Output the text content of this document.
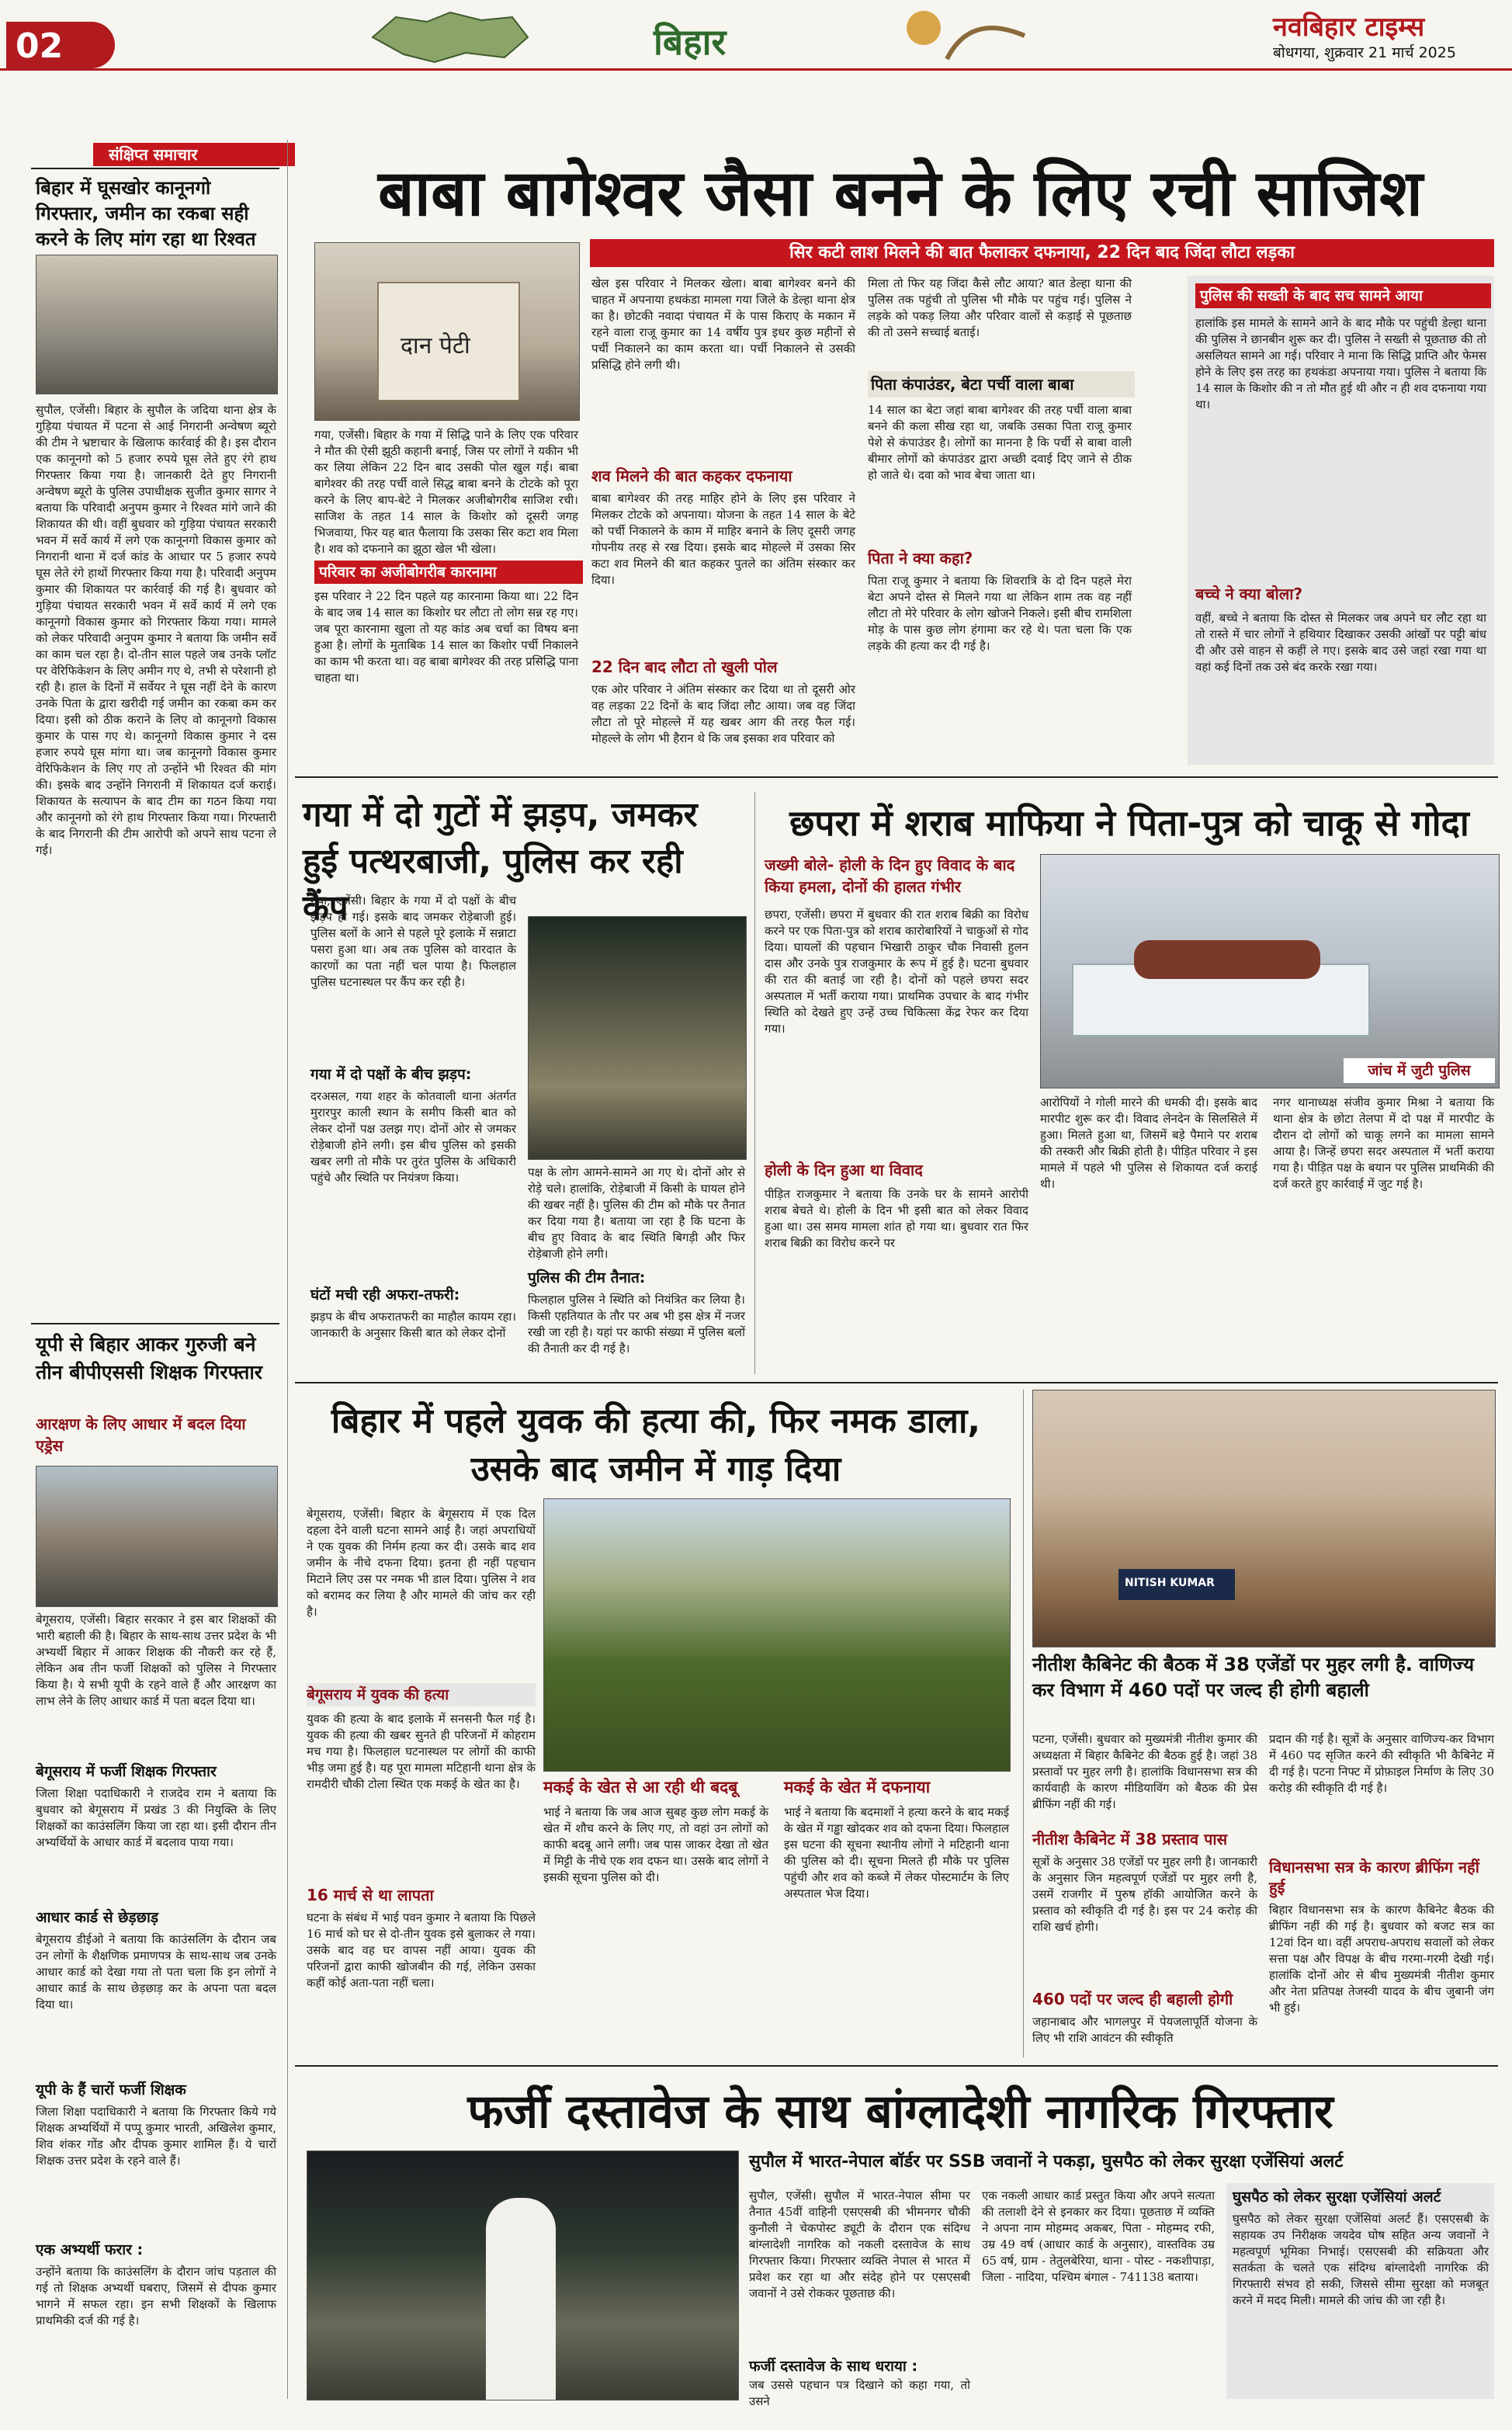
02	बिहार	नवबिहार टाइम्स
बोधगया, शुक्रवार 21 मार्च 2025
संक्षिप्त समाचार
बिहार में घूसखोर कानूनगो गिरफ्तार, जमीन का रकबा सही करने के लिए मांग रहा था रिश्वत
सुपौल, एजेंसी। बिहार के सुपौल के जदिया थाना क्षेत्र के गुड़िया पंचायत में पटना से आई निगरानी अन्वेषण ब्यूरो की टीम ने भ्रष्टाचार के खिलाफ कार्रवाई की है। इस दौरान एक कानूनगो को 5 हजार रुपये घूस लेते हुए रंगे हाथ गिरफ्तार किया गया है। जानकारी देते हुए निगरानी अन्वेषण ब्यूरो के पुलिस उपाधीक्षक सुजीत कुमार सागर ने बताया कि परिवादी अनुपम कुमार ने रिश्वत मांगे जाने की शिकायत की थी। वहीं बुधवार को गुड़िया पंचायत सरकारी भवन में सर्वे कार्य में लगे एक कानूनगो विकास कुमार को निगरानी थाना में दर्ज कांड के आधार पर 5 हजार रुपये घूस लेते रंगे हाथों गिरफ्तार किया गया है। परिवादी अनुपम कुमार की शिकायत पर कार्रवाई की गई है। बुधवार को गुड़िया पंचायत सरकारी भवन में सर्वे कार्य में लगे एक कानूनगो विकास कुमार को गिरफ्तार किया गया। मामले को लेकर परिवादी अनुपम कुमार ने बताया कि जमीन सर्वे का काम चल रहा है। दो-तीन साल पहले जब उनके प्लॉट पर वेरिफिकेशन के लिए अमीन गए थे, तभी से परेशानी हो रही है। हाल के दिनों में सर्वेयर ने घूस नहीं देने के कारण उनके पिता के द्वारा खरीदी गई जमीन का रकबा कम कर दिया। इसी को ठीक कराने के लिए वो कानूनगो विकास कुमार के पास गए थे। कानूनगो विकास कुमार ने दस हजार रुपये घूस मांगा था। जब कानूनगो विकास कुमार वेरिफिकेशन के लिए गए तो उन्होंने भी रिश्वत की मांग की। इसके बाद उन्होंने निगरानी में शिकायत दर्ज कराई। शिकायत के सत्यापन के बाद टीम का गठन किया गया और कानूनगो को रंगे हाथ गिरफ्तार किया गया। गिरफ्तारी के बाद निगरानी की टीम आरोपी को अपने साथ पटना ले गई।
यूपी से बिहार आकर गुरुजी बने तीन बीपीएससी शिक्षक गिरफ्तार
आरक्षण के लिए आधार में बदल दिया एड्रेस
बेगूसराय, एजेंसी। बिहार सरकार ने इस बार शिक्षकों की भारी बहाली की है। बिहार के साथ-साथ उत्तर प्रदेश के भी अभ्यर्थी बिहार में आकर शिक्षक की नौकरी कर रहे हैं, लेकिन अब तीन फर्जी शिक्षकों को पुलिस ने गिरफ्तार किया है। ये सभी यूपी के रहने वाले हैं और आरक्षण का लाभ लेने के लिए आधार कार्ड में पता बदल दिया था।
बेगूसराय में फर्जी शिक्षक गिरफ्तार
जिला शिक्षा पदाधिकारी ने राजदेव राम ने बताया कि बुधवार को बेगूसराय में प्रखंड 3 की नियुक्ति के लिए शिक्षकों का काउंसलिंग किया जा रहा था। इसी दौरान तीन अभ्यर्थियों के आधार कार्ड में बदलाव पाया गया।
आधार कार्ड से छेड़छाड़
बेगूसराय डीईओ ने बताया कि काउंसलिंग के दौरान जब उन लोगों के शैक्षणिक प्रमाणपत्र के साथ-साथ जब उनके आधार कार्ड को देखा गया तो पता चला कि इन लोगों ने आधार कार्ड के साथ छेड़छाड़ कर के अपना पता बदल दिया था।
यूपी के हैं चारों फर्जी शिक्षक
जिला शिक्षा पदाधिकारी ने बताया कि गिरफ्तार किये गये शिक्षक अभ्यर्थियों में पप्पू कुमार भारती, अखिलेश कुमार, शिव शंकर गोंड और दीपक कुमार शामिल हैं। ये चारों शिक्षक उत्तर प्रदेश के रहने वाले हैं।
एक अभ्यर्थी फरार :
उन्होंने बताया कि काउंसलिंग के दौरान जांच पड़ताल की गई तो शिक्षक अभ्यर्थी घबराए, जिसमें से दीपक कुमार भागने में सफल रहा। इन सभी शिक्षकों के खिलाफ प्राथमिकी दर्ज की गई है।
बाबा बागेश्वर जैसा बनने के लिए रची साजिश
सिर कटी लाश मिलने की बात फैलाकर दफनाया, 22 दिन बाद जिंदा लौटा लड़का
दान पेटी
गया, एजेंसी। बिहार के गया में सिद्धि पाने के लिए एक परिवार ने मौत की ऐसी झूठी कहानी बनाई, जिस पर लोगों ने यकीन भी कर लिया लेकिन 22 दिन बाद उसकी पोल खुल गई। बाबा बागेश्वर की तरह पर्ची वाले सिद्ध बाबा बनने के टोटके को पूरा करने के लिए बाप-बेटे ने मिलकर अजीबोगरीब साजिश रची। साजिश के तहत 14 साल के किशोर को दूसरी जगह भिजवाया, फिर यह बात फैलाया कि उसका सिर कटा शव मिला है। शव को दफनाने का झूठा खेल भी खेला।
परिवार का अजीबोगरीब कारनामा
इस परिवार ने 22 दिन पहले यह कारनामा किया था। 22 दिन के बाद जब 14 साल का किशोर घर लौटा तो लोग सन्न रह गए। जब पूरा कारनामा खुला तो यह कांड अब चर्चा का विषय बना हुआ है। लोगों के मुताबिक 14 साल का किशोर पर्ची निकालने का काम भी करता था। वह बाबा बागेश्वर की तरह प्रसिद्धि पाना चाहता था।
खेल इस परिवार ने मिलकर खेला। बाबा बागेश्वर बनने की चाहत में अपनाया हथकंडा मामला गया जिले के डेल्हा थाना क्षेत्र का है। छोटकी नवादा पंचायत में के पास किराए के मकान में रहने वाला राजू कुमार का 14 वर्षीय पुत्र इधर कुछ महीनों से पर्ची निकालने का काम करता था। पर्ची निकालने से उसकी प्रसिद्धि होने लगी थी।
शव मिलने की बात कहकर दफनाया
बाबा बागेश्वर की तरह माहिर होने के लिए इस परिवार ने मिलकर टोटके को अपनाया। योजना के तहत 14 साल के बेटे को पर्ची निकालने के काम में माहिर बनाने के लिए दूसरी जगह गोपनीय तरह से रख दिया। इसके बाद मोहल्ले में उसका सिर कटा शव मिलने की बात कहकर पुतले का अंतिम संस्कार कर दिया।
22 दिन बाद लौटा तो खुली पोल
एक ओर परिवार ने अंतिम संस्कार कर दिया था तो दूसरी ओर वह लड़का 22 दिनों के बाद जिंदा लौट आया। जब वह जिंदा लौटा तो पूरे मोहल्ले में यह खबर आग की तरह फैल गई। मोहल्ले के लोग भी हैरान थे कि जब इसका शव परिवार को
मिला तो फिर यह जिंदा कैसे लौट आया? बात डेल्हा थाना की पुलिस तक पहुंची तो पुलिस भी मौके पर पहुंच गई। पुलिस ने लड़के को पकड़ लिया और परिवार वालों से कड़ाई से पूछताछ की तो उसने सच्चाई बताई।
पिता कंपाउंडर, बेटा पर्ची वाला बाबा
14 साल का बेटा जहां बाबा बागेश्वर की तरह पर्ची वाला बाबा बनने की कला सीख रहा था, जबकि उसका पिता राजू कुमार पेशे से कंपाउंडर है। लोगों का मानना है कि पर्ची से बाबा वाली बीमार लोगों को कंपाउंडर द्वारा अच्छी दवाई दिए जाने से ठीक हो जाते थे। दवा को भाव बेचा जाता था।
पिता ने क्या कहा?
पिता राजू कुमार ने बताया कि शिवरात्रि के दो दिन पहले मेरा बेटा अपने दोस्त से मिलने गया था लेकिन शाम तक वह नहीं लौटा तो मेरे परिवार के लोग खोजने निकले। इसी बीच रामशिला मोड़ के पास कुछ लोग हंगामा कर रहे थे। पता चला कि एक लड़के की हत्या कर दी गई है।
पुलिस की सख्ती के बाद सच सामने आया
हालांकि इस मामले के सामने आने के बाद मौके पर पहुंची डेल्हा थाना की पुलिस ने छानबीन शुरू कर दी। पुलिस ने सख्ती से पूछताछ की तो असलियत सामने आ गई। परिवार ने माना कि सिद्धि प्राप्ति और फेमस होने के लिए इस तरह का हथकंडा अपनाया गया। पुलिस ने बताया कि 14 साल के किशोर की न तो मौत हुई थी और न ही शव दफनाया गया था।
बच्चे ने क्या बोला?
वहीं, बच्चे ने बताया कि दोस्त से मिलकर जब अपने घर लौट रहा था तो रास्ते में चार लोगों ने हथियार दिखाकर उसकी आंखों पर पट्टी बांध दी और उसे वाहन से कहीं ले गए। इसके बाद उसे जहां रखा गया था वहां कई दिनों तक उसे बंद करके रखा गया।
गया में दो गुटों में झड़प, जमकर हुई पत्थरबाजी, पुलिस कर रही कैंप
गया, एजेंसी। बिहार के गया में दो पक्षों के बीच झड़प हो गई। इसके बाद जमकर रोड़ेबाजी हुई। पुलिस बलों के आने से पहले पूरे इलाके में सन्नाटा पसरा हुआ था। अब तक पुलिस को वारदात के कारणों का पता नहीं चल पाया है। फिलहाल पुलिस घटनास्थल पर कैंप कर रही है।
गया में दो पक्षों के बीच झड़प:
दरअसल, गया शहर के कोतवाली थाना अंतर्गत मुरारपुर काली स्थान के समीप किसी बात को लेकर दोनों पक्ष उलझ गए। दोनों ओर से जमकर रोड़ेबाजी होने लगी। इस बीच पुलिस को इसकी खबर लगी तो मौके पर तुरंत पुलिस के अधिकारी पहुंचे और स्थिति पर नियंत्रण किया।
घंटों मची रही अफरा-तफरी:
झड़प के बीच अफरातफरी का माहौल कायम रहा। जानकारी के अनुसार किसी बात को लेकर दोनों
पक्ष के लोग आमने-सामने आ गए थे। दोनों ओर से रोड़े चले। हालांकि, रोड़ेबाजी में किसी के घायल होने की खबर नहीं है। पुलिस की टीम को मौके पर तैनात कर दिया गया है। बताया जा रहा है कि घटना के बीच हुए विवाद के बाद स्थिति बिगड़ी और फिर रोड़ेबाजी होने लगी।
पुलिस की टीम तैनात:
फिलहाल पुलिस ने स्थिति को नियंत्रित कर लिया है। किसी एहतियात के तौर पर अब भी इस क्षेत्र में नजर रखी जा रही है। यहां पर काफी संख्या में पुलिस बलों की तैनाती कर दी गई है।
छपरा में शराब माफिया ने पिता-पुत्र को चाकू से गोदा
जख्मी बोले- होली के दिन हुए विवाद के बाद किया हमला, दोनों की हालत गंभीर
छपरा, एजेंसी। छपरा में बुधवार की रात शराब बिक्री का विरोध करने पर एक पिता-पुत्र को शराब कारोबारियों ने चाकुओं से गोद दिया। घायलों की पहचान भिखारी ठाकुर चौक निवासी हुलन दास और उनके पुत्र राजकुमार के रूप में हुई है। घटना बुधवार की रात की बताई जा रही है। दोनों को पहले छपरा सदर अस्पताल में भर्ती कराया गया। प्राथमिक उपचार के बाद गंभीर स्थिति को देखते हुए उन्हें उच्च चिकित्सा केंद्र रेफर कर दिया गया।
होली के दिन हुआ था विवाद
पीड़ित राजकुमार ने बताया कि उनके घर के सामने आरोपी शराब बेचते थे। होली के दिन भी इसी बात को लेकर विवाद हुआ था। उस समय मामला शांत हो गया था। बुधवार रात फिर शराब बिक्री का विरोध करने पर
जांच में जुटी पुलिस
आरोपियों ने गोली मारने की धमकी दी। इसके बाद मारपीट शुरू कर दी। विवाद लेनदेन के सिलसिले में हुआ। मिलते हुआ था, जिसमें बड़े पैमाने पर शराब की तस्करी और बिक्री होती है। पीड़ित परिवार ने इस मामले में पहले भी पुलिस से शिकायत दर्ज कराई थी।
नगर थानाध्यक्ष संजीव कुमार मिश्रा ने बताया कि थाना क्षेत्र के छोटा तेलपा में दो पक्ष में मारपीट के दौरान दो लोगों को चाकू लगने का मामला सामने आया है। जिन्हें छपरा सदर अस्पताल में भर्ती कराया गया है। पीड़ित पक्ष के बयान पर पुलिस प्राथमिकी की दर्ज करते हुए कार्रवाई में जुट गई है।
बिहार में पहले युवक की हत्या की, फिर नमक डाला, उसके बाद जमीन में गाड़ दिया
बेगूसराय, एजेंसी। बिहार के बेगूसराय में एक दिल दहला देने वाली घटना सामने आई है। जहां अपराधियों ने एक युवक की निर्मम हत्या कर दी। उसके बाद शव जमीन के नीचे दफना दिया। इतना ही नहीं पहचान मिटाने लिए उस पर नमक भी डाल दिया। पुलिस ने शव को बरामद कर लिया है और मामले की जांच कर रही है।
बेगूसराय में युवक की हत्या
युवक की हत्या के बाद इलाके में सनसनी फैल गई है। युवक की हत्या की खबर सुनते ही परिजनों में कोहराम मच गया है। फिलहाल घटनास्थल पर लोगों की काफी भीड़ जमा हुई है। यह पूरा मामला मटिहानी थाना क्षेत्र के रामदीरी चौकी टोला स्थित एक मकई के खेत का है।
16 मार्च से था लापता
घटना के संबंध में भाई पवन कुमार ने बताया कि पिछले 16 मार्च को घर से दो-तीन युवक इसे बुलाकर ले गया। उसके बाद वह घर वापस नहीं आया। युवक की परिजनों द्वारा काफी खोजबीन की गई, लेकिन उसका कहीं कोई अता-पता नहीं चला।
मकई के खेत से आ रही थी बदबू	मकई के खेत में दफनाया
भाई ने बताया कि जब आज सुबह कुछ लोग मकई के खेत में शौच करने के लिए गए, तो वहां उन लोगों को काफी बदबू आने लगी। जब पास जाकर देखा तो खेत में मिट्टी के नीचे एक शव दफन था। उसके बाद लोगों ने इसकी सूचना पुलिस को दी।
भाई ने बताया कि बदमाशों ने हत्या करने के बाद मकई के खेत में गड्ढा खोदकर शव को दफना दिया। फिलहाल इस घटना की सूचना स्थानीय लोगों ने मटिहानी थाना की पुलिस को दी। सूचना मिलते ही मौके पर पुलिस पहुंची और शव को कब्जे में लेकर पोस्टमार्टम के लिए अस्पताल भेज दिया।
NITISH KUMAR
नीतीश कैबिनेट की बैठक में 38 एजेंडों पर मुहर लगी है. वाणिज्य कर विभाग में 460 पदों पर जल्द ही होगी बहाली
पटना, एजेंसी। बुधवार को मुख्यमंत्री नीतीश कुमार की अध्यक्षता में बिहार कैबिनेट की बैठक हुई है। जहां 38 प्रस्तावों पर मुहर लगी है। हालांकि विधानसभा सत्र की कार्यवाही के कारण मीडियाविंग को बैठक की प्रेस ब्रीफिंग नहीं की गई।
नीतीश कैबिनेट में 38 प्रस्ताव पास
सूत्रों के अनुसार 38 एजेंडों पर मुहर लगी है। जानकारी के अनुसार जिन महत्वपूर्ण एजेंडों पर मुहर लगी है, उसमें राजगीर में पुरुष हॉकी आयोजित करने के प्रस्ताव को स्वीकृति दी गई है। इस पर 24 करोड़ की राशि खर्च होगी।
460 पदों पर जल्द ही बहाली होगी
जहानाबाद और भागलपुर में पेयजलापूर्ति योजना के लिए भी राशि आवंटन की स्वीकृति
प्रदान की गई है। सूत्रों के अनुसार वाणिज्य-कर विभाग में 460 पद सृजित करने की स्वीकृति भी कैबिनेट में दी गई है। पटना निफ्ट में प्रोफ़ाइल निर्माण के लिए 30 करोड़ की स्वीकृति दी गई है।
विधानसभा सत्र के कारण ब्रीफिंग नहीं हुई
बिहार विधानसभा सत्र के कारण कैबिनेट बैठक की ब्रीफिंग नहीं की गई है। बुधवार को बजट सत्र का 12वां दिन था। वहीं अपराध-अपराध सवालों को लेकर सत्ता पक्ष और विपक्ष के बीच गरमा-गरमी देखी गई। हालांकि दोनों ओर से बीच मुख्यमंत्री नीतीश कुमार और नेता प्रतिपक्ष तेजस्वी यादव के बीच जुबानी जंग भी हुई।
फर्जी दस्तावेज के साथ बांग्लादेशी नागरिक गिरफ्तार
सुपौल में भारत-नेपाल बॉर्डर पर SSB जवानों ने पकड़ा, घुसपैठ को लेकर सुरक्षा एजेंसियां अलर्ट
सुपौल, एजेंसी। सुपौल में भारत-नेपाल सीमा पर तैनात 45वीं वाहिनी एसएसबी की भीमनगर चौकी कुनौली ने चेकपोस्ट ड्यूटी के दौरान एक संदिग्ध बांग्लादेशी नागरिक को नकली दस्तावेज के साथ गिरफ्तार किया। गिरफ्तार व्यक्ति नेपाल से भारत में प्रवेश कर रहा था और संदेह होने पर एसएसबी जवानों ने उसे रोककर पूछताछ की।
फर्जी दस्तावेज के साथ धराया :
जब उससे पहचान पत्र दिखाने को कहा गया, तो उसने
एक नकली आधार कार्ड प्रस्तुत किया और अपने सत्यता की तलाशी देने से इनकार कर दिया। पूछताछ में व्यक्ति ने अपना नाम मोहम्मद अकबर, पिता - मोहम्मद रफी, उम्र 49 वर्ष (आधार कार्ड के अनुसार), वास्तविक उम्र 65 वर्ष, ग्राम - तेतुलबेरिया, थाना - पोस्ट - नकशीपाड़ा, जिला - नादिया, पश्चिम बंगाल - 741138 बताया।
घुसपैठ को लेकर सुरक्षा एजेंसियां अलर्ट
घुसपैठ को लेकर सुरक्षा एजेंसियां अलर्ट हैं। एसएसबी के सहायक उप निरीक्षक जयदेव घोष सहित अन्य जवानों ने महत्वपूर्ण भूमिका निभाई। एसएसबी की सक्रियता और सतर्कता के चलते एक संदिग्ध बांग्लादेशी नागरिक की गिरफ्तारी संभव हो सकी, जिससे सीमा सुरक्षा को मजबूत करने में मदद मिली। मामले की जांच की जा रही है।
